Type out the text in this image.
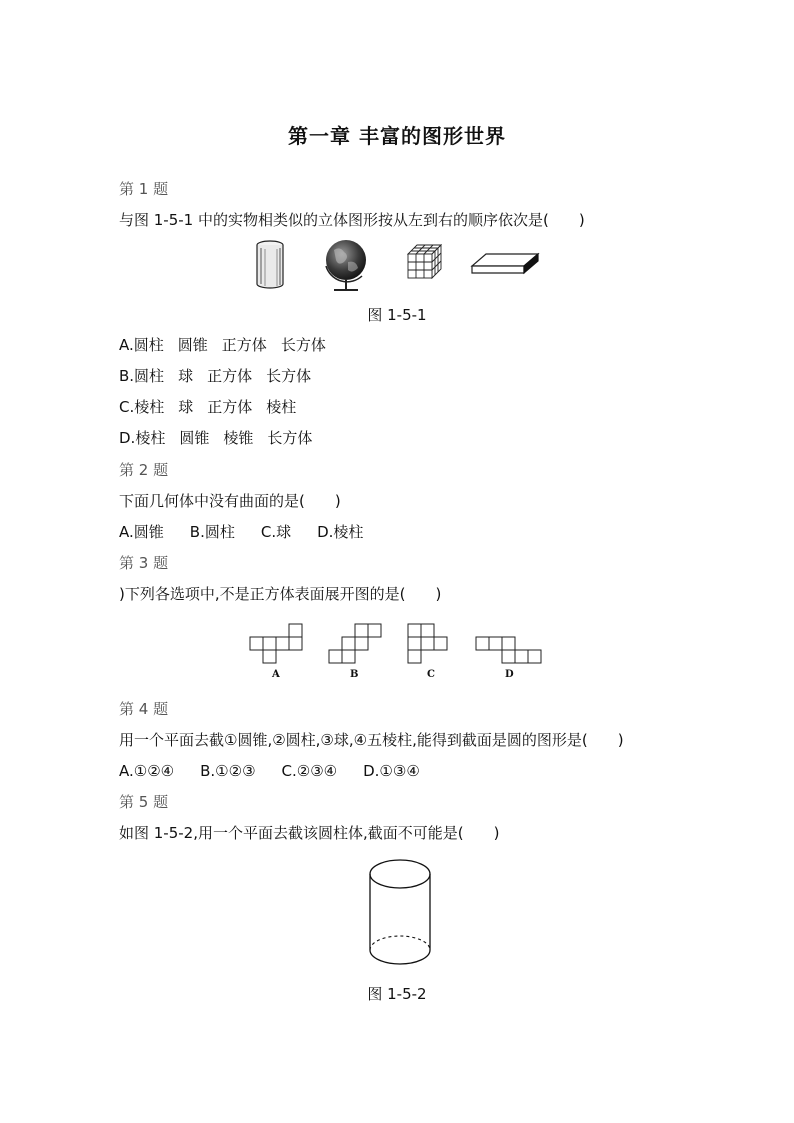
第一章 丰富的图形世界
第 1 题
与图 1-5-1 中的实物相类似的立体图形按从左到右的顺序依次是(　　)
图 1-5-1
A.圆柱 圆锥 正方体 长方体
B.圆柱 球 正方体 长方体
C.棱柱 球 正方体 棱柱
D.棱柱 圆锥 棱锥 长方体
第 2 题
下面几何体中没有曲面的是(　　)
A.圆锥 B.圆柱 C.球 D.棱柱
第 3 题
)下列各选项中,不是正方体表面展开图的是(　　)
A	B	C	D
第 4 题
用一个平面去截①圆锥,②圆柱,③球,④五棱柱,能得到截面是圆的图形是(　　)
A.①②④ B.①②③ C.②③④ D.①③④
第 5 题
如图 1-5-2,用一个平面去截该圆柱体,截面不可能是(　　)
图 1-5-2
